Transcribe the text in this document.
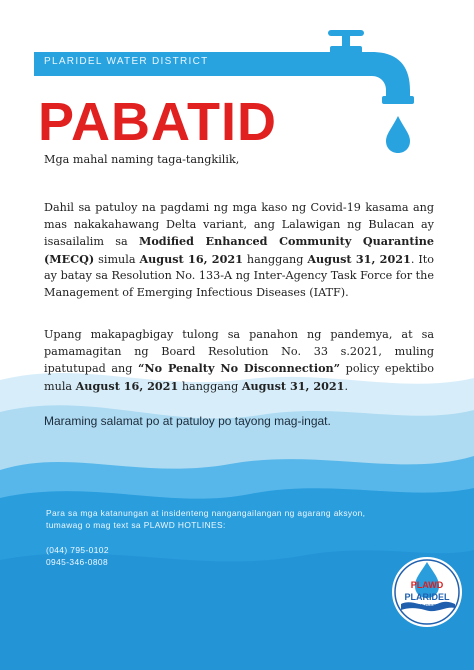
PLARIDEL WATER DISTRICT
PABATID
Mga mahal naming taga-tangkilik,
Dahil sa patuloy na pagdami ng mga kaso ng Covid-19 kasama ang mas nakakahawang Delta variant, ang Lalawigan ng Bulacan ay isasailalim sa Modified Enhanced Community Quarantine (MECQ) simula August 16, 2021 hanggang August 31, 2021. Ito ay batay sa Resolution No. 133-A ng Inter-Agency Task Force for the Management of Emerging Infectious Diseases (IATF).
Upang makapagbigay tulong sa panahon ng pandemya, at sa pamamagitan ng Board Resolution No. 33 s.2021, muling ipatutupad ang “No Penalty No Disconnection” policy epektibo mula August 16, 2021 hanggang August 31, 2021.
Maraming salamat po at patuloy po tayong mag-ingat.
Para sa mga katanungan at insidenteng nangangailangan ng agarang aksyon, tumawag o mag text sa PLAWD HOTLINES:
(044) 795-0102
0945-346-0808
PLAWD
PLARIDEL
WATER DISTRICT
